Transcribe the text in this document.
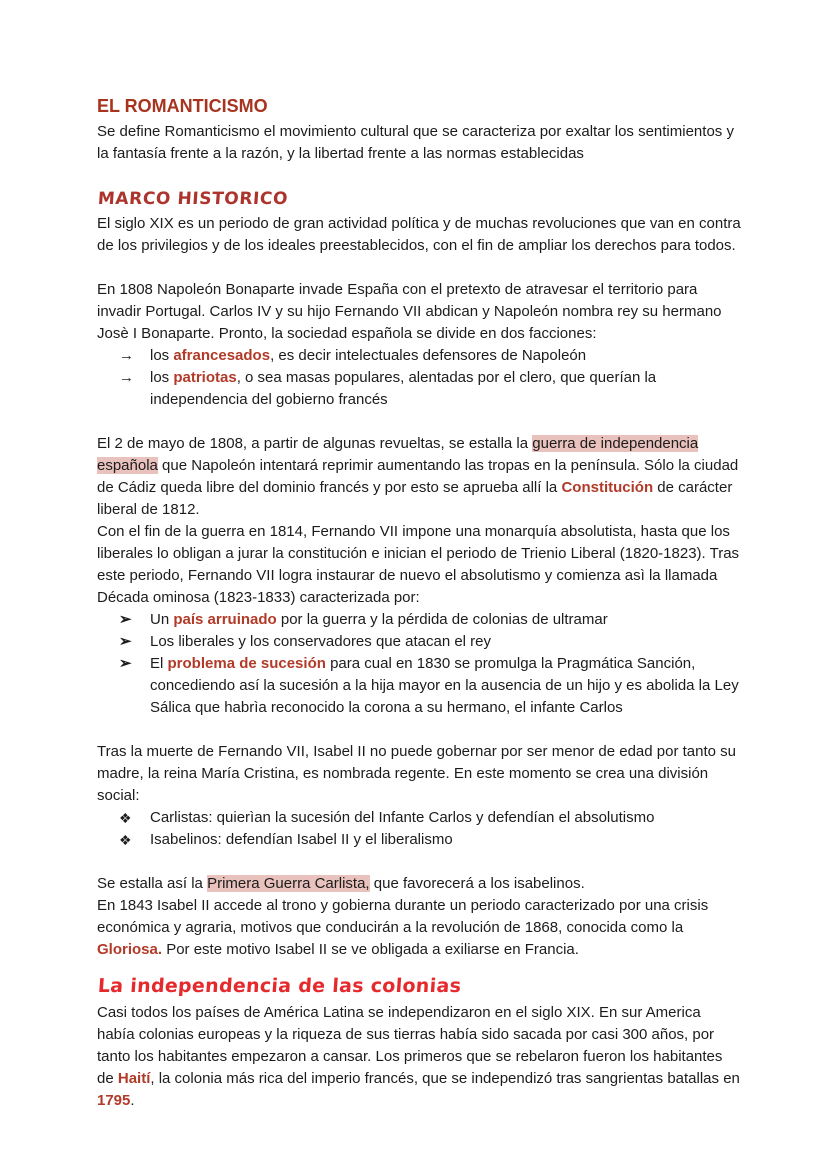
EL ROMANTICISMO
Se define Romanticismo el movimiento cultural que se caracteriza por exaltar los sentimientos y la fantasía frente a la razón, y la libertad frente a las normas establecidas
MARCO HISTORICO
El siglo XIX es un periodo de gran actividad política y de muchas revoluciones que van en contra de los privilegios y de los ideales preestablecidos, con el fin de ampliar los derechos para todos.
En 1808 Napoleón Bonaparte invade España con el pretexto de atravesar el territorio para invadir Portugal. Carlos IV y su hijo Fernando VII abdican y Napoleón nombra rey su hermano Josè I Bonaparte. Pronto, la sociedad española se divide en dos facciones:
→ los afrancesados, es decir intelectuales defensores de Napoleón
→ los patriotas, o sea masas populares, alentadas por el clero, que querían la independencia del gobierno francés
El 2 de mayo de 1808, a partir de algunas revueltas, se estalla la guerra de independencia española que Napoleón intentará reprimir aumentando las tropas en la península. Sólo la ciudad de Cádiz queda libre del dominio francés y por esto se aprueba allí la Constitución de carácter liberal de 1812.
Con el fin de la guerra en 1814, Fernando VII impone una monarquía absolutista, hasta que los liberales lo obligan a jurar la constitución e inician el periodo de Trienio Liberal (1820-1823). Tras este periodo, Fernando VII logra instaurar de nuevo el absolutismo y comienza asì la llamada Década ominosa (1823-1833) caracterizada por:
➢ Un país arruinado por la guerra y la pérdida de colonias de ultramar
➢ Los liberales y los conservadores que atacan el rey
➢ El problema de sucesión para cual en 1830 se promulga la Pragmática Sanción, concediendo así la sucesión a la hija mayor en la ausencia de un hijo y es abolida la Ley Sálica que habrìa reconocido la corona a su hermano, el infante Carlos
Tras la muerte de Fernando VII, Isabel II no puede gobernar por ser menor de edad por tanto su madre, la reina María Cristina, es nombrada regente. En este momento se crea una división social:
❖ Carlistas: quierìan la sucesión del Infante Carlos y defendían el absolutismo
❖ Isabelinos: defendían Isabel II y el liberalismo
Se estalla así la Primera Guerra Carlista, que favorecerá a los isabelinos.
En 1843 Isabel II accede al trono y gobierna durante un periodo caracterizado por una crisis económica y agraria, motivos que conducirán a la revolución de 1868, conocida como la Gloriosa. Por este motivo Isabel II se ve obligada a exiliarse en Francia.
La independencia de las colonias
Casi todos los países de América Latina se independizaron en el siglo XIX. En sur America había colonias europeas y la riqueza de sus tierras había sido sacada por casi 300 años, por tanto los habitantes empezaron a cansar. Los primeros que se rebelaron fueron los habitantes de Haití, la colonia más rica del imperio francés, que se independizó tras sangrientas batallas en 1795.
